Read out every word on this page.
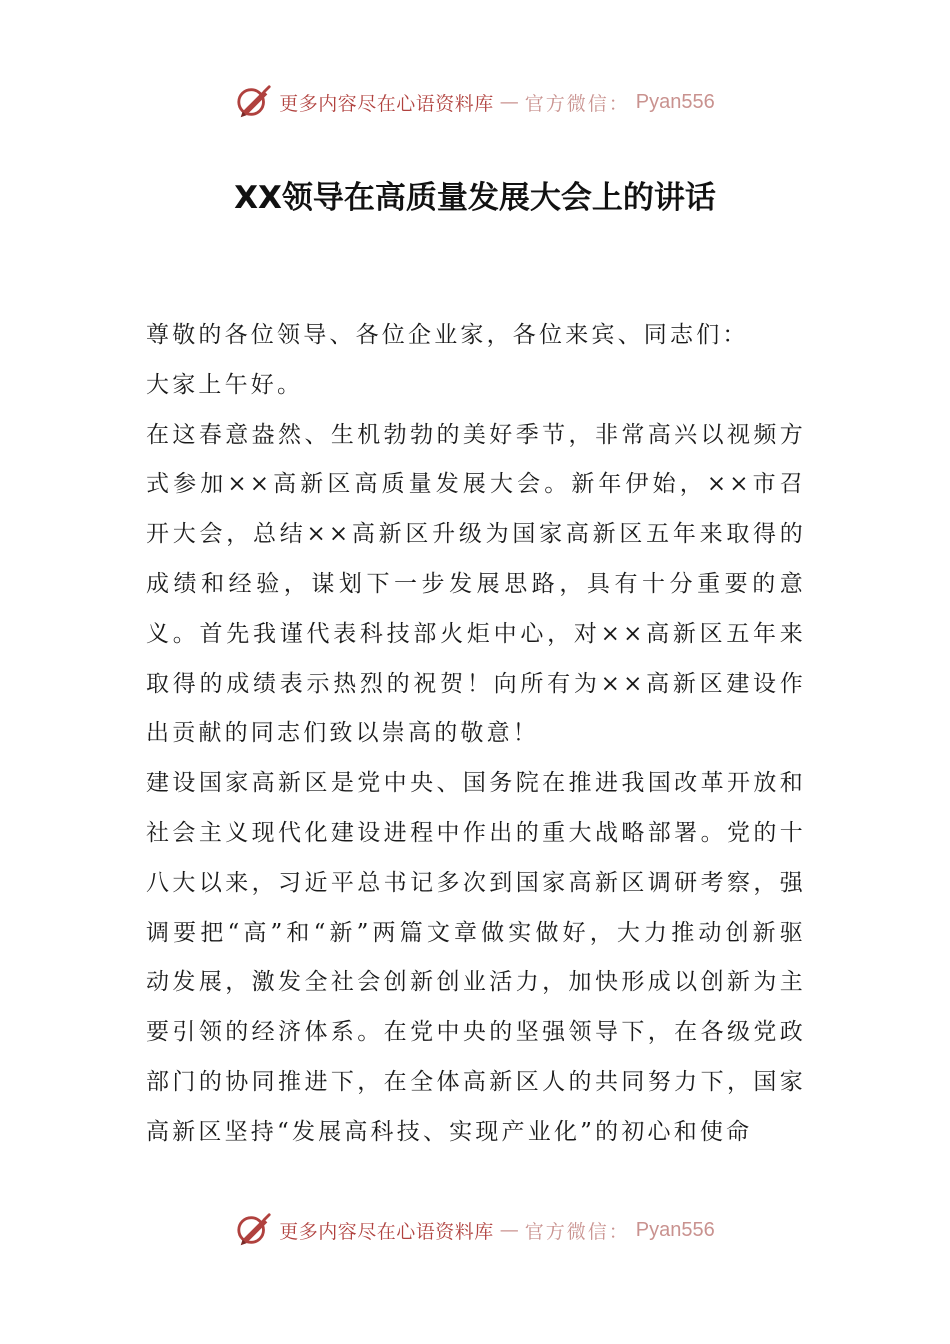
更多内容尽在心语资料库 — 官方微信： Pyan556
XX领导在高质量发展大会上的讲话

尊敬的各位领导、各位企业家，各位来宾、同志们：

大家上午好。

在这春意盎然、生机勃勃的美好季节，非常高兴以视频方式参加××高新区高质量发展大会。新年伊始，××市召开大会，总结××高新区升级为国家高新区五年来取得的成绩和经验，谋划下一步发展思路，具有十分重要的意义。首先我谨代表科技部火炬中心，对××高新区五年来取得的成绩表示热烈的祝贺！向所有为××高新区建设作出贡献的同志们致以崇高的敬意！

建设国家高新区是党中央、国务院在推进我国改革开放和社会主义现代化建设进程中作出的重大战略部署。党的十八大以来，习近平总书记多次到国家高新区调研考察，强调要把“高”和“新”两篇文章做实做好，大力推动创新驱动发展，激发全社会创新创业活力，加快形成以创新为主要引领的经济体系。在党中央的坚强领导下，在各级党政部门的协同推进下，在全体高新区人的共同努力下，国家高新区坚持“发展高科技、实现产业化”的初心和使命

更多内容尽在心语资料库 — 官方微信： Pyan556
